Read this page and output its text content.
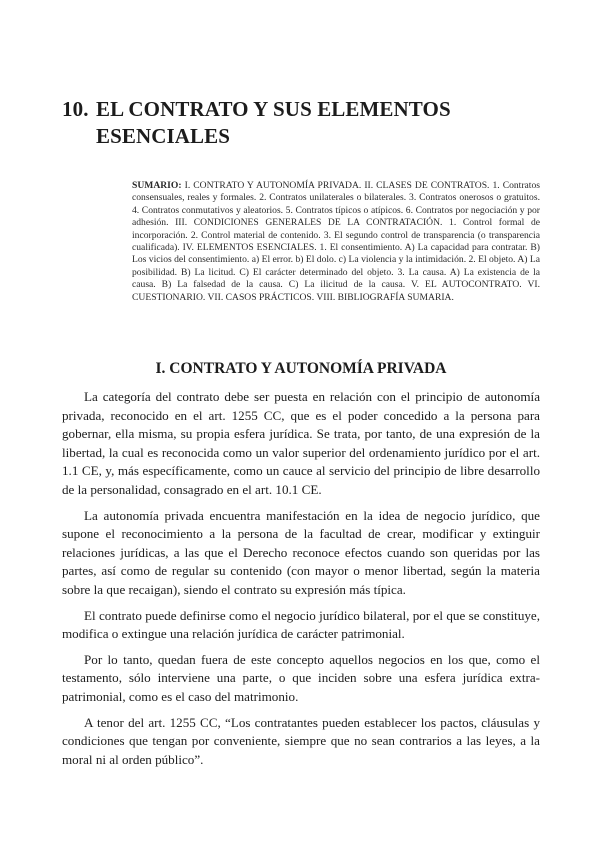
10. EL CONTRATO Y SUS ELEMENTOS
ESENCIALES

SUMARIO: I. CONTRATO Y AUTONOMÍA PRIVADA. II. CLASES DE CONTRATOS. 1. Contratos consensuales, reales y formales. 2. Contratos unilaterales o bilaterales. 3. Contratos onerosos o gratuitos. 4. Contratos conmutativos y aleatorios. 5. Contratos típicos o atípicos. 6. Contratos por negociación y por adhesión. III. CONDICIONES GENERALES DE LA CONTRATACIÓN. 1. Control formal de incorporación. 2. Control material de contenido. 3. El segundo control de transparencia (o transparencia cualificada). IV. ELEMENTOS ESENCIALES. 1. El consentimiento. A) La capacidad para contratar. B) Los vicios del consentimiento. a) El error. b) El dolo. c) La violencia y la intimidación. 2. El objeto. A) La posibilidad. B) La licitud. C) El carácter determinado del objeto. 3. La causa. A) La existencia de la causa. B) La falsedad de la causa. C) La ilicitud de la causa. V. EL AUTOCONTRATO. VI. CUESTIONARIO. VII. CASOS PRÁCTICOS. VIII. BIBLIOGRAFÍA SUMARIA.

I. CONTRATO Y AUTONOMÍA PRIVADA

La categoría del contrato debe ser puesta en relación con el principio de autonomía privada, reconocido en el art. 1255 CC, que es el poder concedido a la persona para gobernar, ella misma, su propia esfera jurídica. Se trata, por tanto, de una expresión de la libertad, la cual es reconocida como un valor superior del ordenamiento jurídico por el art. 1.1 CE, y, más específicamente, como un cauce al servicio del principio de libre desarrollo de la personalidad, consagrado en el art. 10.1 CE.

La autonomía privada encuentra manifestación en la idea de negocio jurídico, que supone el reconocimiento a la persona de la facultad de crear, modificar y extinguir relaciones jurídicas, a las que el Derecho reconoce efectos cuando son queridas por las partes, así como de regular su contenido (con mayor o menor libertad, según la materia sobre la que recaigan), siendo el contrato su expresión más típica.

El contrato puede definirse como el negocio jurídico bilateral, por el que se constituye, modifica o extingue una relación jurídica de carácter patrimonial.

Por lo tanto, quedan fuera de este concepto aquellos negocios en los que, como el testamento, sólo interviene una parte, o que inciden sobre una esfera jurídica extra-patrimonial, como es el caso del matrimonio.

A tenor del art. 1255 CC, “Los contratantes pueden establecer los pactos, cláusulas y condiciones que tengan por conveniente, siempre que no sean contrarios a las leyes, a la moral ni al orden público”.
